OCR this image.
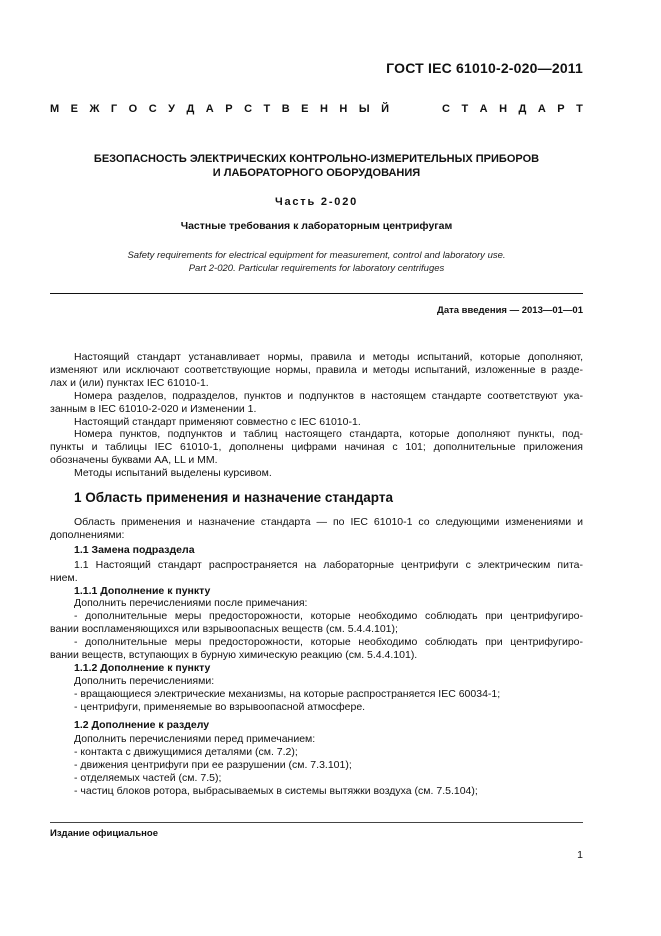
ГОСТ IEC 61010-2-020—2011
М Е Ж Г О С У Д А Р С Т В Е Н Н Ы Й
	С Т А Н Д А Р Т
БЕЗОПАСНОСТЬ ЭЛЕКТРИЧЕСКИХ КОНТРОЛЬНО-ИЗМЕРИТЕЛЬНЫХ ПРИБОРОВ
И ЛАБОРАТОРНОГО ОБОРУДОВАНИЯ
Часть 2-020
Частные требования к лабораторным центрифугам
Safety requirements for electrical equipment for measurement, control and laboratory use.
Part 2-020. Particular requirements for laboratory centrifuges
Дата введения — 2013—01—01
Настоящий стандарт устанавливает нормы, правила и методы испытаний, которые дополняют,
изменяют или исключают соответствующие нормы, правила и методы испытаний, изложенные в разде-
лах и (или) пунктах IEC 61010-1.
Номера разделов, подразделов, пунктов и подпунктов в настоящем стандарте соответствуют ука-
занным в IEC 61010-2-020 и Изменении 1.
Настоящий стандарт применяют совместно с IEC 61010-1.
Номера пунктов, подпунктов и таблиц настоящего стандарта, которые дополняют пункты, под-
пункты и таблицы IEC 61010-1, дополнены цифрами начиная с 101; дополнительные приложения
обозначены буквами АА, LL и ММ.
Методы испытаний выделены курсивом.
1 Область применения и назначение стандарта
Область применения и назначение стандарта — по IEC 61010-1 со следующими изменениями и
дополнениями:
1.1 Замена подраздела
1.1 Настоящий стандарт распространяется на лабораторные центрифуги с электрическим пита-
нием.
1.1.1 Дополнение к пункту
Дополнить перечислениями после примечания:
- дополнительные меры предосторожности, которые необходимо соблюдать при центрифугиро-
вании воспламеняющихся или взрывоопасных веществ (см. 5.4.4.101);
- дополнительные меры предосторожности, которые необходимо соблюдать при центрифугиро-
вании веществ, вступающих в бурную химическую реакцию (см. 5.4.4.101).
1.1.2 Дополнение к пункту
Дополнить перечислениями:
- вращающиеся электрические механизмы, на которые распространяется IEC 60034-1;
- центрифуги, применяемые во взрывоопасной атмосфере.
1.2 Дополнение к разделу
Дополнить перечислениями перед примечанием:
- контакта с движущимися деталями (см. 7.2);
- движения центрифуги при ее разрушении (см. 7.3.101);
- отделяемых частей (см. 7.5);
- частиц блоков ротора, выбрасываемых в системы вытяжки воздуха (см. 7.5.104);
Издание официальное
1
